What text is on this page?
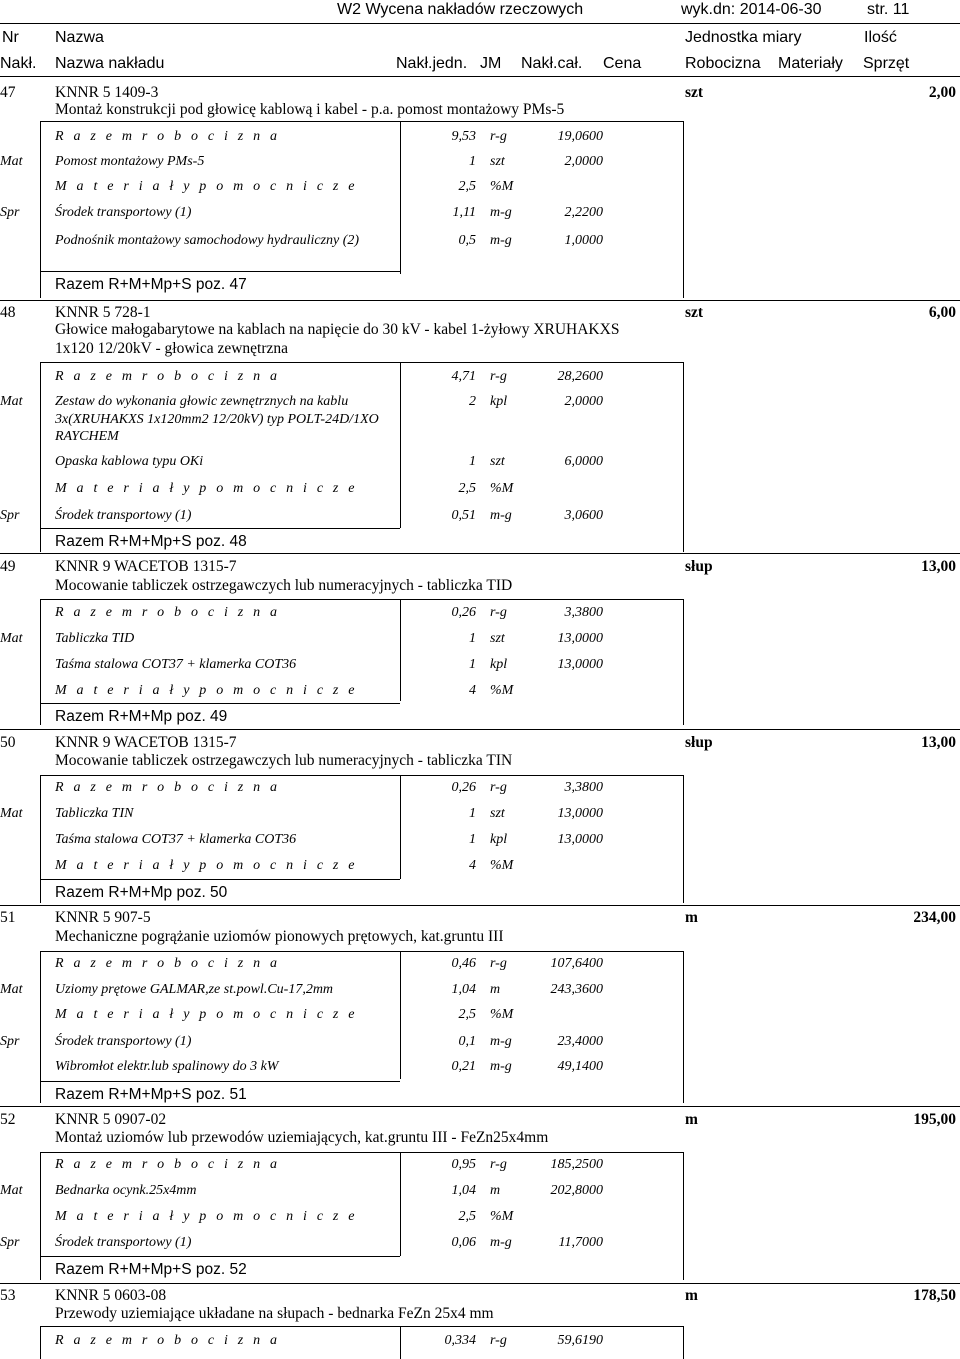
W2 Wycena nakładów rzeczowych	wyk.dn: 2014-06-30	str. 11
Nr Nazwa	Jednostka miary	Ilość
Nakł. Nazwa nakładu	Nakł.jedn. JM Nakł.cał. Cena	Robocizna Materiały Sprzęt
47	KNNR 5 1409-3
Montaż konstrukcji pod głowicę kablową i kabel - p.a. pomost montażowy PMs-5
szt	2,00
R a z e m r o b o c i z n a	9,53 r-g	19,0600
Mat Pomost montażowy PMs-5	1 szt	2,0000
M a t e r i a ł y p o m o c n i c z e	2,5 %M
Spr	Środek transportowy (1)	1,11 m-g	2,2200
Podnośnik montażowy samochodowy hydrauliczny (2)	0,5 m-g	1,0000
Razem R+M+Mp+S poz. 47
48	KNNR 5 728-1
Głowice małogabarytowe na kablach na napięcie do 30 kV - kabel 1-żyłowy XRUHAKXS
1x120 12/20kV - głowica zewnętrzna
szt	6,00
R a z e m r o b o c i z n a	4,71 r-g	28,2600
Mat Zestaw do wykonania głowic zewnętrznych na kablu
3x(XRUHAKXS 1x120mm2 12/20kV) typ POLT-24D/1XO
RAYCHEM
2 kpl	2,0000
Opaska kablowa typu OKi	1 szt	6,0000
M a t e r i a ł y p o m o c n i c z e	2,5 %M
Spr	Środek transportowy (1)	0,51 m-g	3,0600
Razem R+M+Mp+S poz. 48
49	KNNR 9 WACETOB 1315-7
Mocowanie tabliczek ostrzegawczych lub numeracyjnych - tabliczka TID
słup	13,00
R a z e m r o b o c i z n a	0,26 r-g	3,3800
Mat Tabliczka TID	1 szt	13,0000
Taśma stalowa COT37 + klamerka COT36	1 kpl	13,0000
M a t e r i a ł y p o m o c n i c z e	4 %M
Razem R+M+Mp poz. 49
50	KNNR 9 WACETOB 1315-7
Mocowanie tabliczek ostrzegawczych lub numeracyjnych - tabliczka TIN
słup	13,00
R a z e m r o b o c i z n a	0,26 r-g	3,3800
Mat Tabliczka TIN	1 szt	13,0000
Taśma stalowa COT37 + klamerka COT36	1 kpl	13,0000
M a t e r i a ł y p o m o c n i c z e	4 %M
Razem R+M+Mp poz. 50
51	KNNR 5 907-5
Mechaniczne pogrążanie uziomów pionowych prętowych, kat.gruntu III
m	234,00
R a z e m r o b o c i z n a	0,46 r-g	107,6400
Mat Uziomy prętowe GALMAR,ze st.powl.Cu-17,2mm	1,04 m	243,3600
M a t e r i a ł y p o m o c n i c z e	2,5 %M
Spr	Środek transportowy (1)	0,1 m-g	23,4000
Wibromłot elektr.lub spalinowy do 3 kW	0,21 m-g	49,1400
Razem R+M+Mp+S poz. 51
52	KNNR 5 0907-02
Montaż uziomów lub przewodów uziemiających, kat.gruntu III - FeZn25x4mm
m	195,00
R a z e m r o b o c i z n a	0,95 r-g	185,2500
Mat Bednarka ocynk.25x4mm	1,04 m	202,8000
M a t e r i a ł y p o m o c n i c z e	2,5 %M
Spr	Środek transportowy (1)	0,06 m-g	11,7000
Razem R+M+Mp+S poz. 52
53	KNNR 5 0603-08
Przewody uziemiające układane na słupach - bednarka FeZn 25x4 mm
m	178,50
R a z e m r o b o c i z n a	0,334 r-g	59,6190
